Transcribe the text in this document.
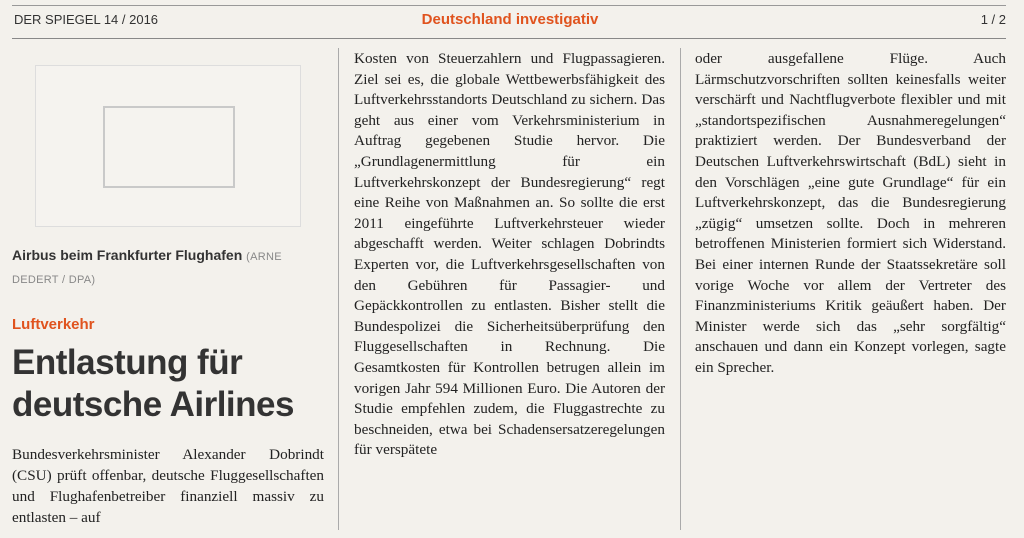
DER SPIEGEL 14 / 2016	Deutschland investigativ	1 / 2
Airbus beim Frankfurter Flughafen (ARNE DEDERT / DPA)
Luftverkehr
Entlastung für deutsche Airlines
Bundesverkehrsminister Alexander Dobrindt (CSU) prüft offenbar, deutsche Fluggesellschaften und Flughafenbetreiber finanziell massiv zu entlasten – auf

Kosten von Steuerzahlern und Flugpassagieren. Ziel sei es, die globale Wettbewerbsfähigkeit des Luftverkehrsstandorts Deutschland zu sichern. Das geht aus einer vom Verkehrsministerium in Auftrag gegebenen Studie hervor. Die „Grundlagenermittlung für ein Luftverkehrskonzept der Bundesregierung“ regt eine Reihe von Maßnahmen an. So sollte die erst 2011 eingeführte Luftverkehrsteuer wieder abgeschafft werden. Weiter schlagen Dobrindts Experten vor, die Luftverkehrsgesellschaften von den Gebühren für Passagier- und Gepäckkontrollen zu entlasten. Bisher stellt die Bundespolizei die Sicherheitsüberprüfung den Fluggesellschaften in Rechnung. Die Gesamtkosten für Kontrollen betrugen allein im vorigen Jahr 594 Millionen Euro. Die Autoren der Studie empfehlen zudem, die Fluggastrechte zu beschneiden, etwa bei Schadensersatzeregelungen für verspätete

oder ausgefallene Flüge. Auch Lärmschutzvorschriften sollten keinesfalls weiter verschärft und Nachtflugverbote flexibler und mit „standortspezifischen Ausnahmeregelungen“ praktiziert werden. Der Bundesverband der Deutschen Luftverkehrswirtschaft (BdL) sieht in den Vorschlägen „eine gute Grundlage“ für ein Luftverkehrskonzept, das die Bundesregierung „zügig“ umsetzen sollte. Doch in mehreren betroffenen Ministerien formiert sich Widerstand. Bei einer internen Runde der Staatssekretäre soll vorige Woche vor allem der Vertreter des Finanzministeriums Kritik geäußert haben. Der Minister werde sich das „sehr sorgfältig“ anschauen und dann ein Konzept vorlegen, sagte ein Sprecher.
